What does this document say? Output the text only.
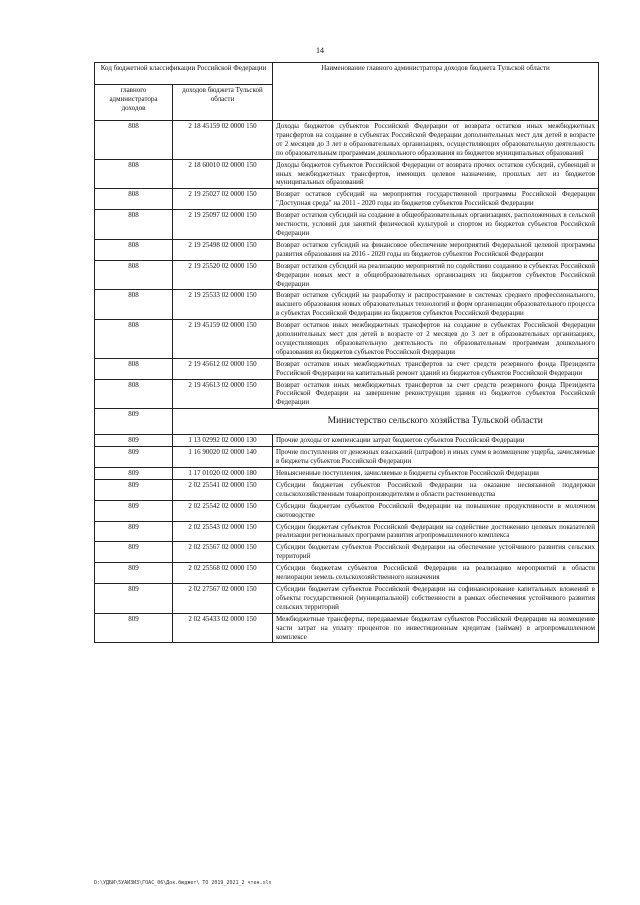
14
Код бюджетной классификации Российской Федерации		Наименование главного администратора доходов бюджета Тульской области
главного администратора доходов	доходов бюджета Тульской области	
808	2 18 45159 02 0000 150	Доходы бюджетов субъектов Российской Федерации от возврата остатков иных межбюджетных трансфертов на создание в субъектах Российской Федерации дополнительных мест для детей в возрасте от 2 месяцев до 3 лет в образовательных организациях, осуществляющих образовательную деятельность по образовательным программам дошкольного образования из бюджетов муниципальных образований
808	2 18 60010 02 0000 150	Доходы бюджетов субъектов Российской Федерации от возврата прочих остатков субсидий, субвенций и иных межбюджетных трансфертов, имеющих целевое назначение, прошлых лет из бюджетов муниципальных образований
808	2 19 25027 02 0000 150	Возврат остатков субсидий на мероприятия государственной программы Российской Федерации "Доступная среда" на 2011 - 2020 годы из бюджетов субъектов Российской Федерации
808	2 19 25097 02 0000 150	Возврат остатков субсидий на создание в общеобразовательных организациях, расположенных в сельской местности, условий для занятий физической культурой и спортом из бюджетов субъектов Российской Федерации
808	2 19 25498 02 0000 150	Возврат остатков субсидий на финансовое обеспечение мероприятий Федеральной целевой программы развития образования на 2016 - 2020 годы из бюджетов субъектов Российской Федерации
808	2 19 25520 02 0000 150	Возврат остатков субсидий на реализацию мероприятий по содействию созданию в субъектах Российской Федерации новых мест в общеобразовательных организациях из бюджетов субъектов Российской Федерации
808	2 19 25533 02 0000 150	Возврат остатков субсидий на разработку и распространение в системах среднего профессионального, высшего образования новых образовательных технологий и форм организации образовательного процесса в субъектах Российской Федерации из бюджетов субъектов Российской Федерации
808	2 19 45159 02 0000 150	Возврат остатков иных межбюджетных трансфертов на создание в субъектах Российской Федерации дополнительных мест для детей в возрасте от 2 месяцев до 3 лет в образовательных организациях, осуществляющих образовательную деятельность по образовательным программам дошкольного образования из бюджетов субъектов Российской Федерации
808	2 19 45612 02 0000 150	Возврат остатков иных межбюджетных трансфертов за счет средств резервного фонда Президента Российской Федерации на капитальный ремонт зданий из бюджетов субъектов Российской Федерации
808	2 19 45613 02 0000 150	Возврат остатков иных межбюджетных трансфертов за счет средств резервного фонда Президента Российской Федерации на завершение реконструкции здания из бюджетов субъектов Российской Федерации
809		Министерство сельского хозяйства Тульской области
809	1 13 02992 02 0000 130	Прочие доходы от компенсации затрат бюджетов субъектов Российской Федерации
809	1 16 90020 02 0000 140	Прочие поступления от денежных взысканий (штрафов) и иных сумм в возмещение ущерба, зачисляемые в бюджеты субъектов Российской Федерации
809	1 17 01020 02 0000 180	Невыясненные поступления, зачисляемые в бюджеты субъектов Российской Федерации
809	2 02 25541 02 0000 150	Субсидии бюджетам субъектов Российской Федерации на оказание несвязанной поддержки сельскохозяйственным товаропроизводителям в области растениеводства
809	2 02 25542 02 0000 150	Субсидии бюджетам субъектов Российской Федерации на повышение продуктивности в молочном скотоводстве
809	2 02 25543 02 0000 150	Субсидии бюджетам субъектов Российской Федерации на содействие достижению целевых показателей реализации региональных программ развития агропромышленного комплекса
809	2 02 25567 02 0000 150	Субсидии бюджетам субъектов Российской Федерации на обеспечение устойчивого развития сельских территорий
809	2 02 25568 02 0000 150	Субсидии бюджетам субъектов Российской Федерации на реализацию мероприятий в области мелиорации земель сельскохозяйственного назначения
809	2 02 27567 02 0000 150	Субсидии бюджетам субъектов Российской Федерации на софинансирование капитальных вложений в объекты государственной (муниципальной) собственности в рамках обеспечения устойчивого развития сельских территорий
809	2 02 45433 02 0000 150	Межбюджетные трансферты, передаваемые бюджетам субъектов Российской Федерации на возмещение части затрат на уплату процентов по инвестиционным кредитам (займам) в агропромышленном комплексе
D:\УДБИ\5УАИЗИЗ\ГОАС_06\Док.бюджет\ ТО 2019_2021_2 чтен.xls
